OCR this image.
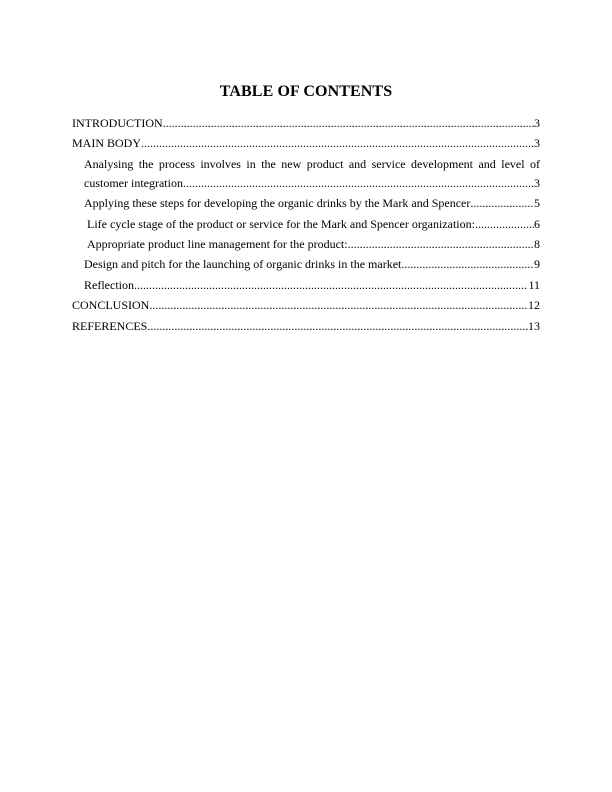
TABLE OF CONTENTS
INTRODUCTION .....	3
MAIN BODY .....	3
Analysing the process involves in the new product and service development and level of
customer integration .....	3
Applying these steps for developing the organic drinks by the Mark and Spencer .....	5
Life cycle stage of the product or service for the Mark and Spencer organization: .....	6
Appropriate product line management for the product: .....	8
Design and pitch for the launching of organic drinks in the market .....	9
Reflection .....	11
CONCLUSION .....	12
REFERENCES .....	13
